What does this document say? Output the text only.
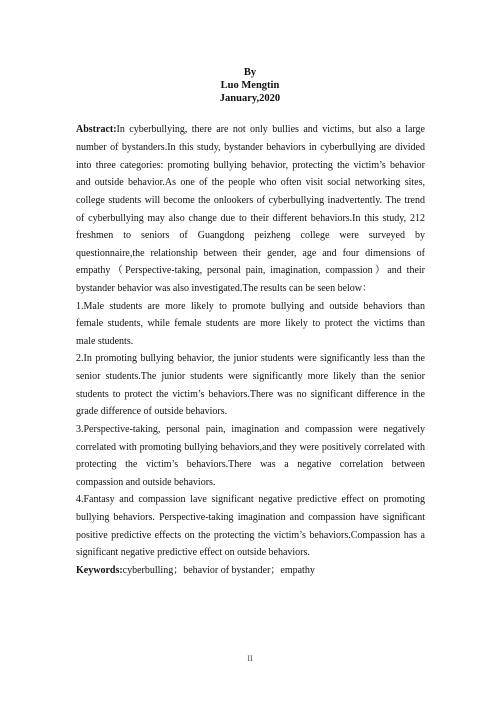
By
Luo Mengtin
January,2020
Abstract:In cyberbullying, there are not only bullies and victims, but also a large
number of bystanders.In this study, bystander behaviors in cyberbullying are divided
into three categories: promoting bullying behavior, protecting the victim’s behavior
and outside behavior.As one of the people who often visit social networking sites,
college students will become the onlookers of cyberbullying inadvertently. The trend
of cyberbullying may also change due to their different behaviors.In this study, 212
freshmen to seniors of Guangdong peizheng college were surveyed by
questionnaire,the relationship between their gender, age and four dimensions of
empathy（Perspective-taking, personal pain, imagination, compassion）and their
bystander behavior was also investigated.The results can be seen below：
1.Male students are more likely to promote bullying and outside behaviors than
female students, while female students are more likely to protect the victims than
male students.
2.In promoting bullying behavior, the junior students were significantly less than the
senior students.The junior students were significantly more likely than the senior
students to protect the victim’s behaviors.There was no significant difference in the
grade difference of outside behaviors.
3.Perspective-taking, personal pain, imagination and compassion were negatively
correlated with promoting bullying behaviors,and they were positively correlated with
protecting the victim’s behaviors.There was a negative correlation between
compassion and outside behaviors.
4.Fantasy and compassion lave significant negative predictive effect on promoting
bullying behaviors. Perspective-taking imagination and compassion have significant
positive predictive effects on the protecting the victim’s behaviors.Compassion has a
significant negative predictive effect on outside behaviors.
Keywords:cyberbulling；behavior of bystander；empathy
II
